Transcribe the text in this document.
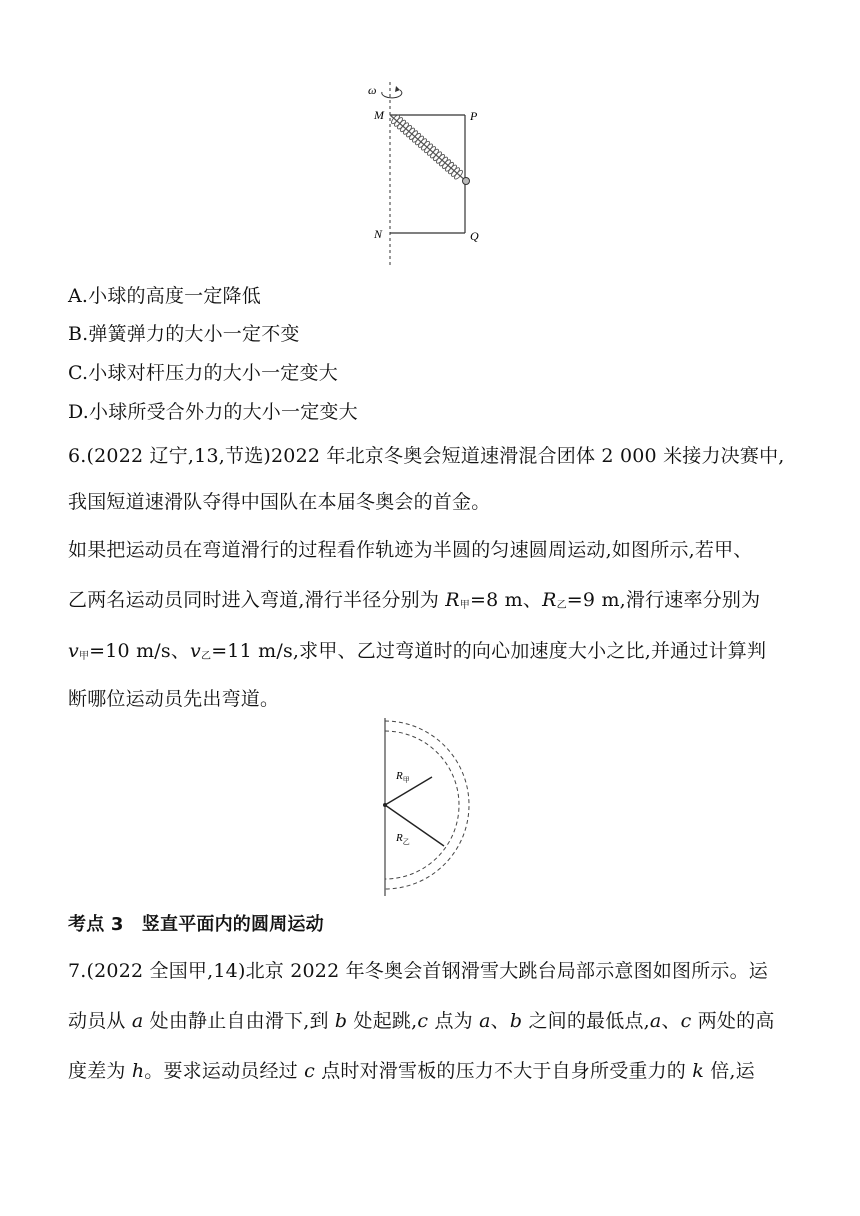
ω
M	P
N	Q
A.小球的高度一定降低
B.弹簧弹力的大小一定不变
C.小球对杆压力的大小一定变大
D.小球所受合外力的大小一定变大
6.(2022 辽宁,13,节选)2022 年北京冬奥会短道速滑混合团体 2 000 米接力决赛中,
我国短道速滑队夺得中国队在本届冬奥会的首金。
如果把运动员在弯道滑行的过程看作轨迹为半圆的匀速圆周运动,如图所示,若甲、
乙两名运动员同时进入弯道,滑行半径分别为 $R_甲=8$ m、$R_乙=9$ m,滑行速率分别为
$v_甲=10$ m/s、$v_乙=11$ m/s,求甲、乙过弯道时的向心加速度大小之比,并通过计算判
断哪位运动员先出弯道。
$R_甲$
$R_乙$
考点 3　竖直平面内的圆周运动
7.(2022 全国甲,14)北京 2022 年冬奥会首钢滑雪大跳台局部示意图如图所示。运
动员从 a 处由静止自由滑下,到 b 处起跳,c 点为 a、b 之间的最低点,a、c 两处的高
度差为 h。要求运动员经过 c 点时对滑雪板的压力不大于自身所受重力的 k 倍,运
